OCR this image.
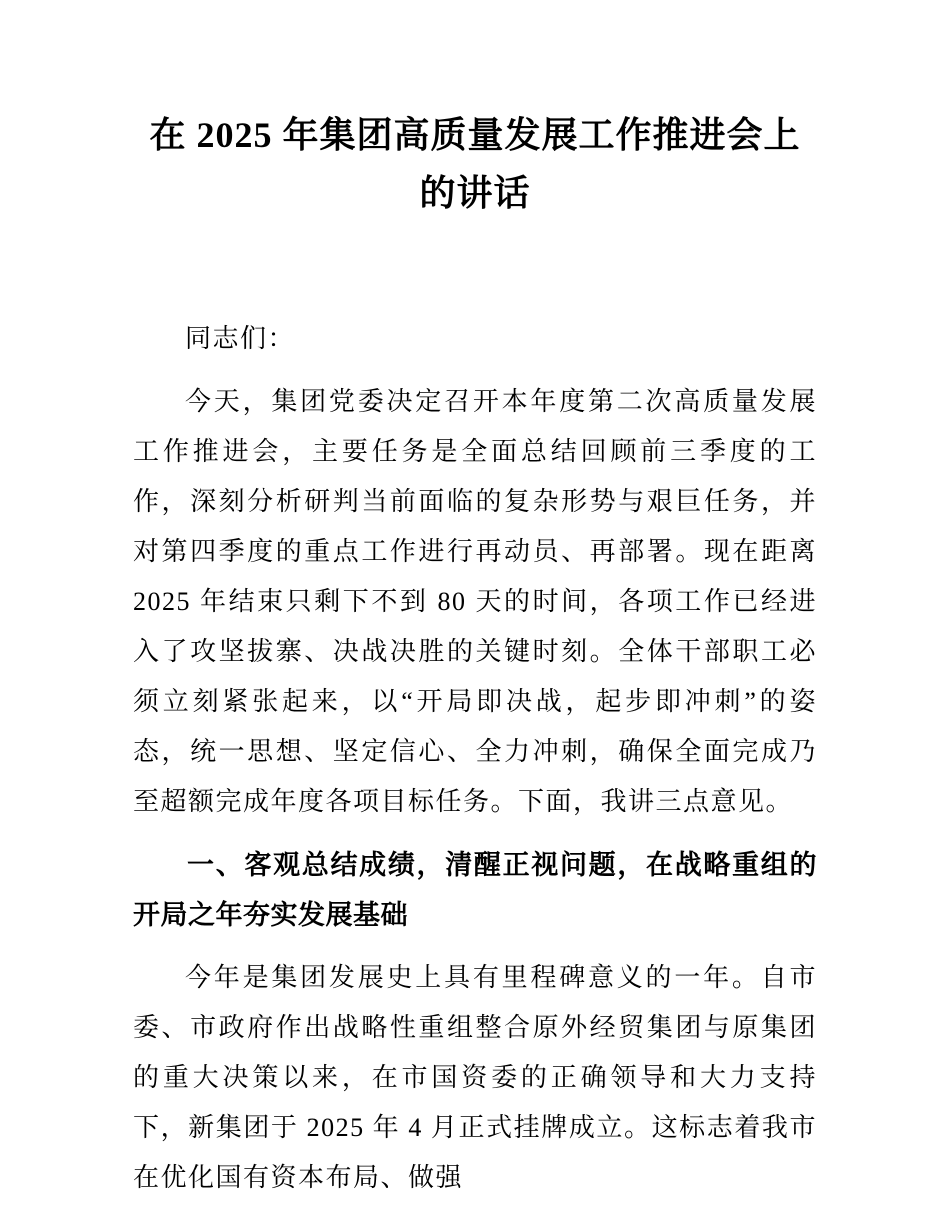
在 2025 年集团高质量发展工作推进会上的讲话

同志们：

今天，集团党委决定召开本年度第二次高质量发展工作推进会，主要任务是全面总结回顾前三季度的工作，深刻分析研判当前面临的复杂形势与艰巨任务，并对第四季度的重点工作进行再动员、再部署。现在距离 2025 年结束只剩下不到 80 天的时间，各项工作已经进入了攻坚拔寨、决战决胜的关键时刻。全体干部职工必须立刻紧张起来，以“开局即决战，起步即冲刺”的姿态，统一思想、坚定信心、全力冲刺，确保全面完成乃至超额完成年度各项目标任务。下面，我讲三点意见。

一、客观总结成绩，清醒正视问题，在战略重组的开局之年夯实发展基础

今年是集团发展史上具有里程碑意义的一年。自市委、市政府作出战略性重组整合原外经贸集团与原集团的重大决策以来，在市国资委的正确领导和大力支持下，新集团于 2025 年 4 月正式挂牌成立。这标志着我市在优化国有资本布局、做强
